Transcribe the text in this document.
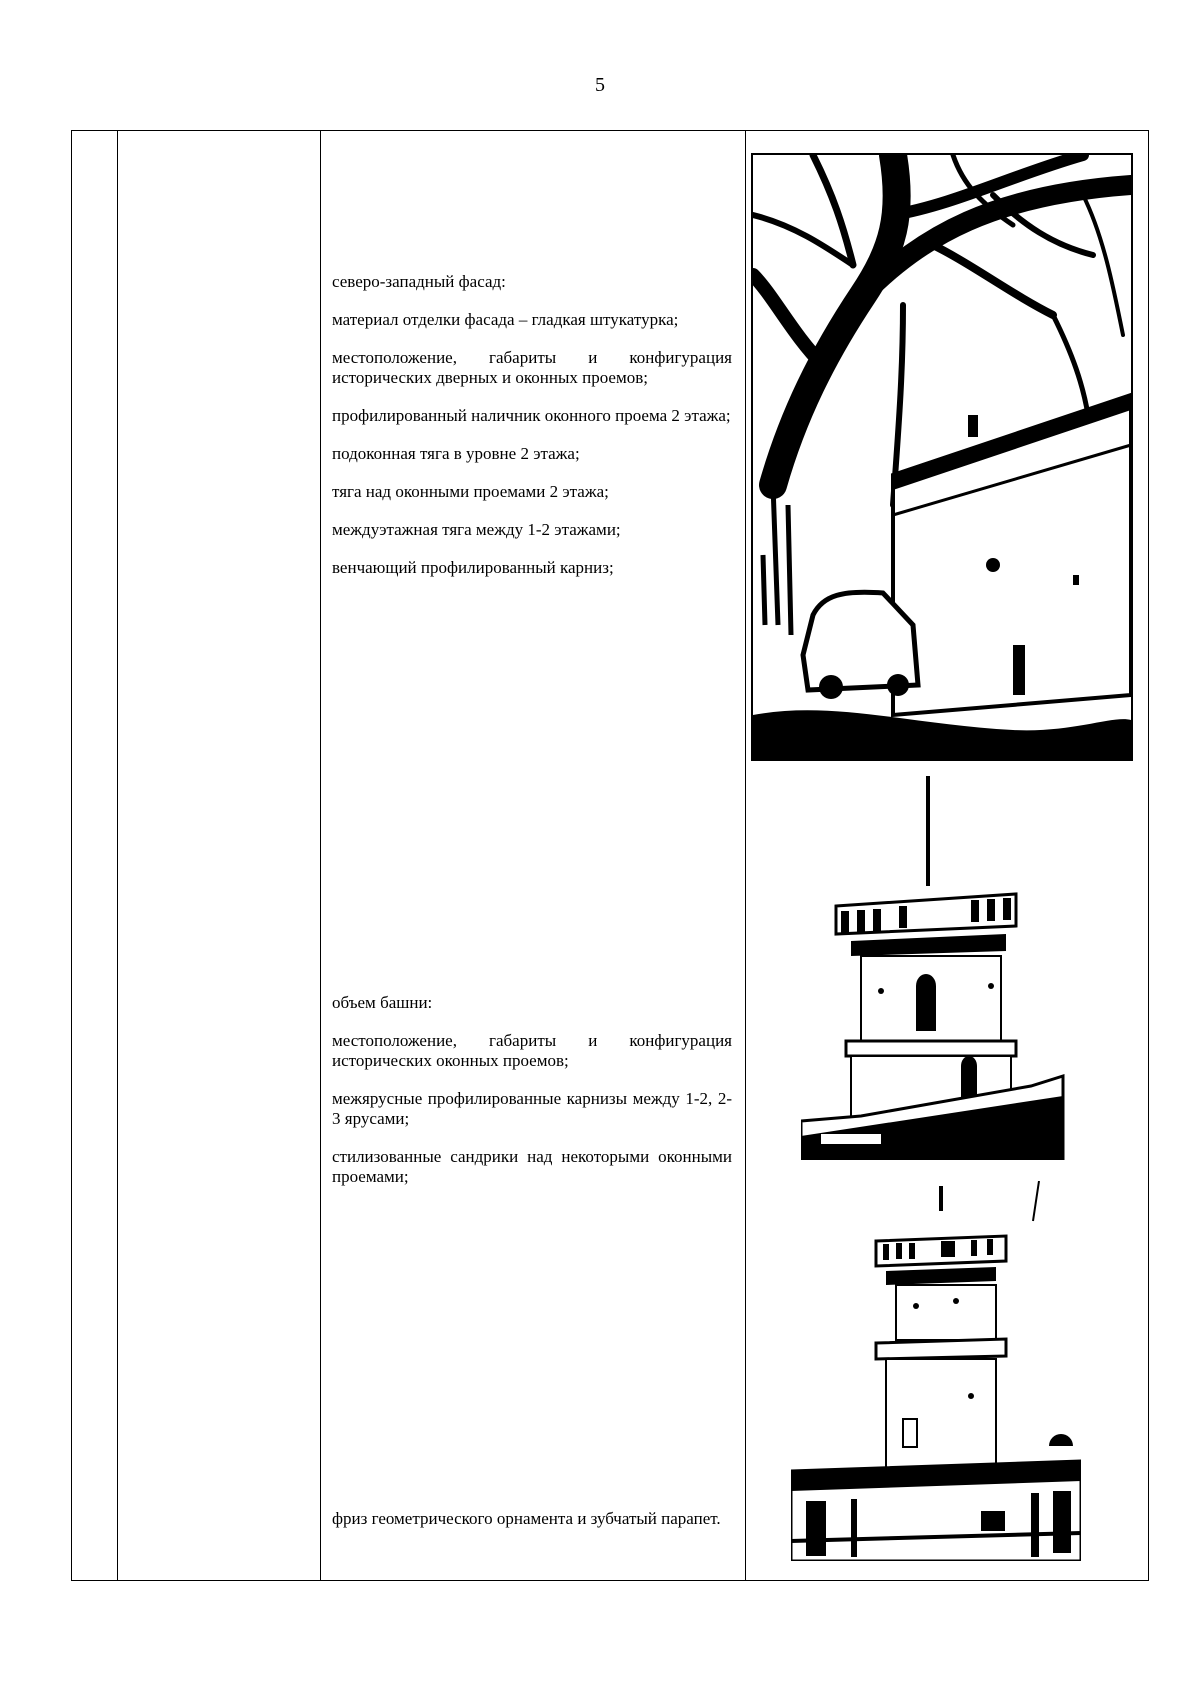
5

северо-западный фасад:

материал отделки фасада – гладкая штукатурка;

местоположение, габариты и конфигурация исторических дверных и оконных проемов;

профилированный наличник оконного проема 2 этажа;

подоконная тяга в уровне 2 этажа;

тяга над оконными проемами 2 этажа;

междуэтажная тяга между 1-2 этажами;

венчающий профилированный карниз;

объем башни:

местоположение, габариты и конфигурация исторических оконных проемов;

межярусные профилированные карнизы между 1-2, 2-3 ярусами;

стилизованные сандрики над некоторыми оконными проемами;

фриз геометрического орнамента и зубчатый парапет.
